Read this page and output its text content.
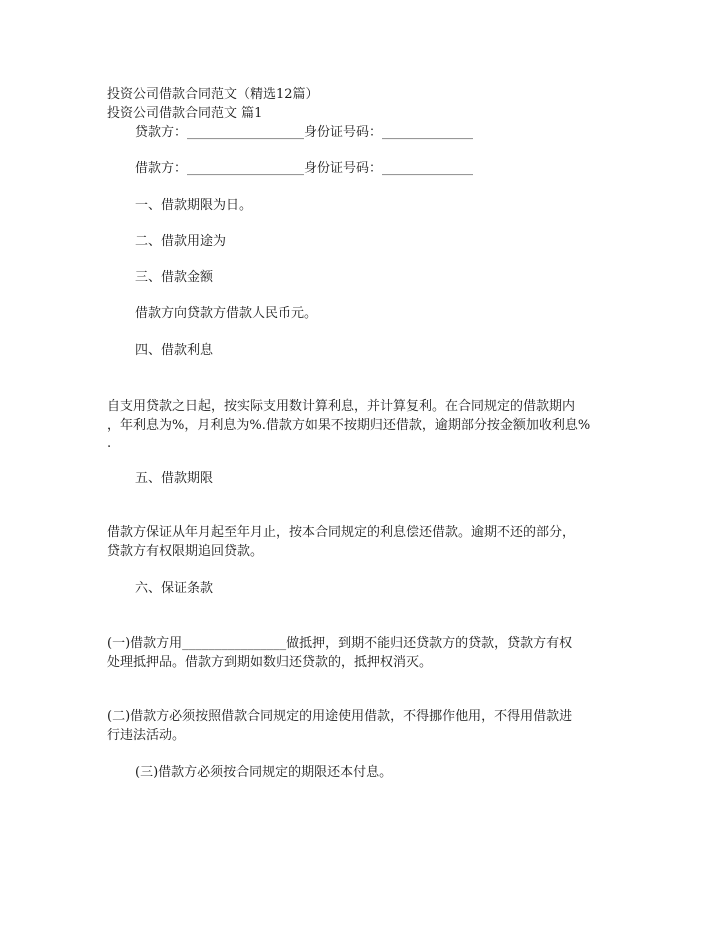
投资公司借款合同范文（精选12篇）
投资公司借款合同范文 篇1
贷款方：__________________身份证号码：______________
借款方：__________________身份证号码：______________
一、借款期限为日。
二、借款用途为
三、借款金额
借款方向贷款方借款人民币元。
四、借款利息
自支用贷款之日起，按实际支用数计算利息，并计算复利。在合同规定的借款期内
，年利息为%，月利息为%.借款方如果不按期归还借款，逾期部分按金额加收利息%
.
五、借款期限
借款方保证从年月起至年月止，按本合同规定的利息偿还借款。逾期不还的部分，
贷款方有权限期追回贷款。
六、保证条款
(一)借款方用________________做抵押，到期不能归还贷款方的贷款，贷款方有权
处理抵押品。借款方到期如数归还贷款的，抵押权消灭。
(二)借款方必须按照借款合同规定的用途使用借款，不得挪作他用，不得用借款进
行违法活动。
(三)借款方必须按合同规定的期限还本付息。
